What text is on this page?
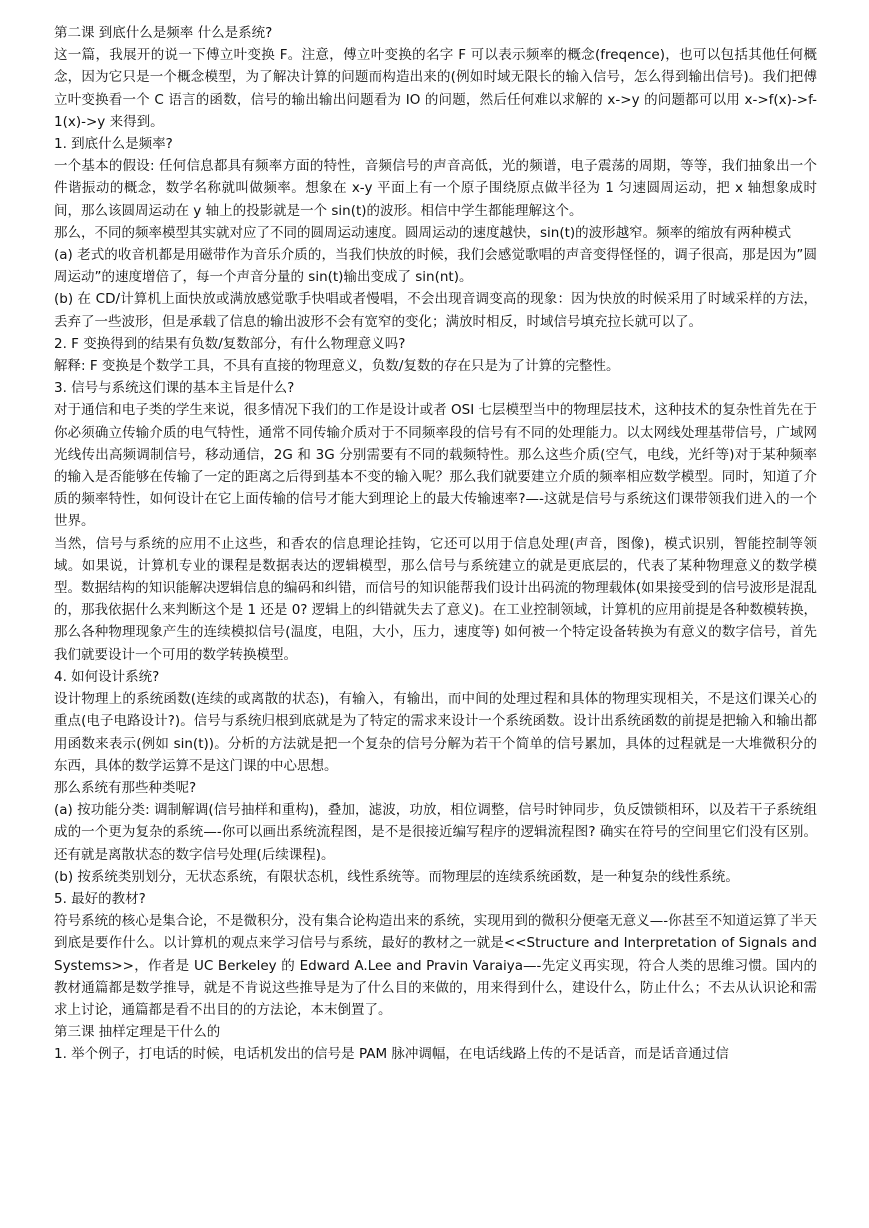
第二课 到底什么是频率 什么是系统?

这一篇，我展开的说一下傅立叶变换 F。注意，傅立叶变换的名字 F 可以表示频率的概念(freqence)，也可以包括其他任何概念，因为它只是一个概念模型，为了解决计算的问题而构造出来的(例如时域无限长的输入信号，怎么得到输出信号)。我们把傅立叶变换看一个 C 语言的函数，信号的输出输出问题看为 IO 的问题，然后任何难以求解的 x->y 的问题都可以用 x->f(x)->f-1(x)->y 来得到。

1. 到底什么是频率?

一个基本的假设: 任何信息都具有频率方面的特性，音频信号的声音高低，光的频谱，电子震荡的周期，等等，我们抽象出一个件谐振动的概念，数学名称就叫做频率。想象在 x-y 平面上有一个原子围绕原点做半径为 1 匀速圆周运动，把 x 轴想象成时间，那么该圆周运动在 y 轴上的投影就是一个 sin(t)的波形。相信中学生都能理解这个。

那么，不同的频率模型其实就对应了不同的圆周运动速度。圆周运动的速度越快，sin(t)的波形越窄。频率的缩放有两种模式

(a) 老式的收音机都是用磁带作为音乐介质的，当我们快放的时候，我们会感觉歌唱的声音变得怪怪的，调子很高，那是因为”圆周运动”的速度增倍了，每一个声音分量的 sin(t)输出变成了 sin(nt)。

(b) 在 CD/计算机上面快放或满放感觉歌手快唱或者慢唱，不会出现音调变高的现象：因为快放的时候采用了时域采样的方法，丢弃了一些波形，但是承载了信息的输出波形不会有宽窄的变化；满放时相反，时域信号填充拉长就可以了。

2. F 变换得到的结果有负数/复数部分，有什么物理意义吗?

解释: F 变换是个数学工具，不具有直接的物理意义，负数/复数的存在只是为了计算的完整性。

3. 信号与系统这们课的基本主旨是什么?

对于通信和电子类的学生来说，很多情况下我们的工作是设计或者 OSI 七层模型当中的物理层技术，这种技术的复杂性首先在于你必须确立传输介质的电气特性，通常不同传输介质对于不同频率段的信号有不同的处理能力。以太网线处理基带信号，广域网光线传出高频调制信号，移动通信，2G 和 3G 分别需要有不同的载频特性。那么这些介质(空气，电线，光纤等)对于某种频率的输入是否能够在传输了一定的距离之后得到基本不变的输入呢？那么我们就要建立介质的频率相应数学模型。同时，知道了介质的频率特性，如何设计在它上面传输的信号才能大到理论上的最大传输速率?—-这就是信号与系统这们课带领我们进入的一个世界。

当然，信号与系统的应用不止这些，和香农的信息理论挂钩，它还可以用于信息处理(声音，图像)，模式识别，智能控制等领域。如果说，计算机专业的课程是数据表达的逻辑模型，那么信号与系统建立的就是更底层的，代表了某种物理意义的数学模型。数据结构的知识能解决逻辑信息的编码和纠错，而信号的知识能帮我们设计出码流的物理载体(如果接受到的信号波形是混乱的，那我依据什么来判断这个是 1 还是 0? 逻辑上的纠错就失去了意义)。在工业控制领域，计算机的应用前提是各种数模转换，那么各种物理现象产生的连续模拟信号(温度，电阻，大小，压力，速度等) 如何被一个特定设备转换为有意义的数字信号，首先我们就要设计一个可用的数学转换模型。

4. 如何设计系统?

设计物理上的系统函数(连续的或离散的状态)，有输入，有输出，而中间的处理过程和具体的物理实现相关，不是这们课关心的重点(电子电路设计?)。信号与系统归根到底就是为了特定的需求来设计一个系统函数。设计出系统函数的前提是把输入和输出都用函数来表示(例如 sin(t))。分析的方法就是把一个复杂的信号分解为若干个简单的信号累加，具体的过程就是一大堆微积分的东西，具体的数学运算不是这门课的中心思想。

那么系统有那些种类呢?

(a) 按功能分类: 调制解调(信号抽样和重构)，叠加，滤波，功放，相位调整，信号时钟同步，负反馈锁相环，以及若干子系统组成的一个更为复杂的系统—-你可以画出系统流程图，是不是很接近编写程序的逻辑流程图? 确实在符号的空间里它们没有区别。还有就是离散状态的数字信号处理(后续课程)。

(b) 按系统类别划分，无状态系统，有限状态机，线性系统等。而物理层的连续系统函数，是一种复杂的线性系统。

5. 最好的教材?

符号系统的核心是集合论，不是微积分，没有集合论构造出来的系统，实现用到的微积分便毫无意义—-你甚至不知道运算了半天到底是要作什么。以计算机的观点来学习信号与系统，最好的教材之一就是<<Structure and Interpretation of Signals and Systems>>，作者是 UC Berkeley 的 Edward A.Lee and Pravin Varaiya—-先定义再实现，符合人类的思维习惯。国内的教材通篇都是数学推导，就是不肯说这些推导是为了什么目的来做的，用来得到什么，建设什么，防止什么；不去从认识论和需求上讨论，通篇都是看不出目的的方法论，本末倒置了。

第三课 抽样定理是干什么的

1. 举个例子，打电话的时候，电话机发出的信号是 PAM 脉冲调幅，在电话线路上传的不是话音，而是话音通过信
